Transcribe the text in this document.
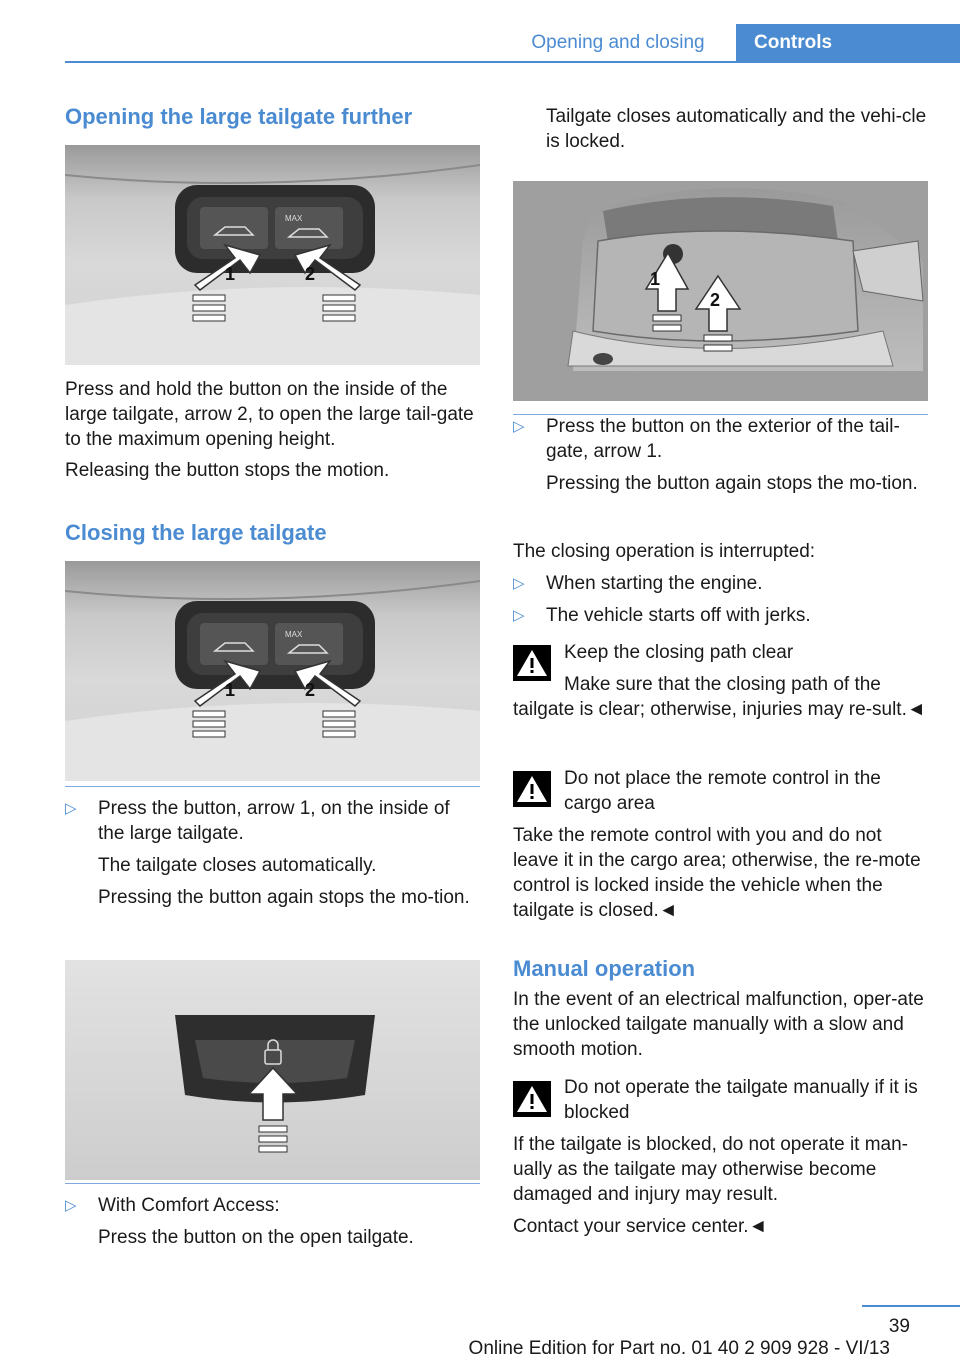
Opening and closing	Controls
Opening the large tailgate further
MAX
1	2
Press and hold the button on the inside of the large tailgate, arrow 2, to open the large tail-gate to the maximum opening height.
Releasing the button stops the motion.
Closing the large tailgate
MAX
1	2
▷ Press the button, arrow 1, on the inside of the large tailgate.
The tailgate closes automatically.
Pressing the button again stops the mo-tion.
▷ With Comfort Access:
Press the button on the open tailgate.
Tailgate closes automatically and the vehi-cle is locked.
1
2
▷ Press the button on the exterior of the tail-gate, arrow 1.
Pressing the button again stops the mo-tion.
The closing operation is interrupted:
▷ When starting the engine.
▷ The vehicle starts off with jerks.
Keep the closing path clear
Make sure that the closing path of the tailgate is clear; otherwise, injuries may re-sult.◄
Do not place the remote control in the cargo area
Take the remote control with you and do not leave it in the cargo area; otherwise, the re-mote control is locked inside the vehicle when the tailgate is closed.◄
Manual operation
In the event of an electrical malfunction, oper-ate the unlocked tailgate manually with a slow and smooth motion.
Do not operate the tailgate manually if it is blocked
If the tailgate is blocked, do not operate it man-ually as the tailgate may otherwise become damaged and injury may result.
Contact your service center.◄
39
Online Edition for Part no. 01 40 2 909 928 - VI/13
